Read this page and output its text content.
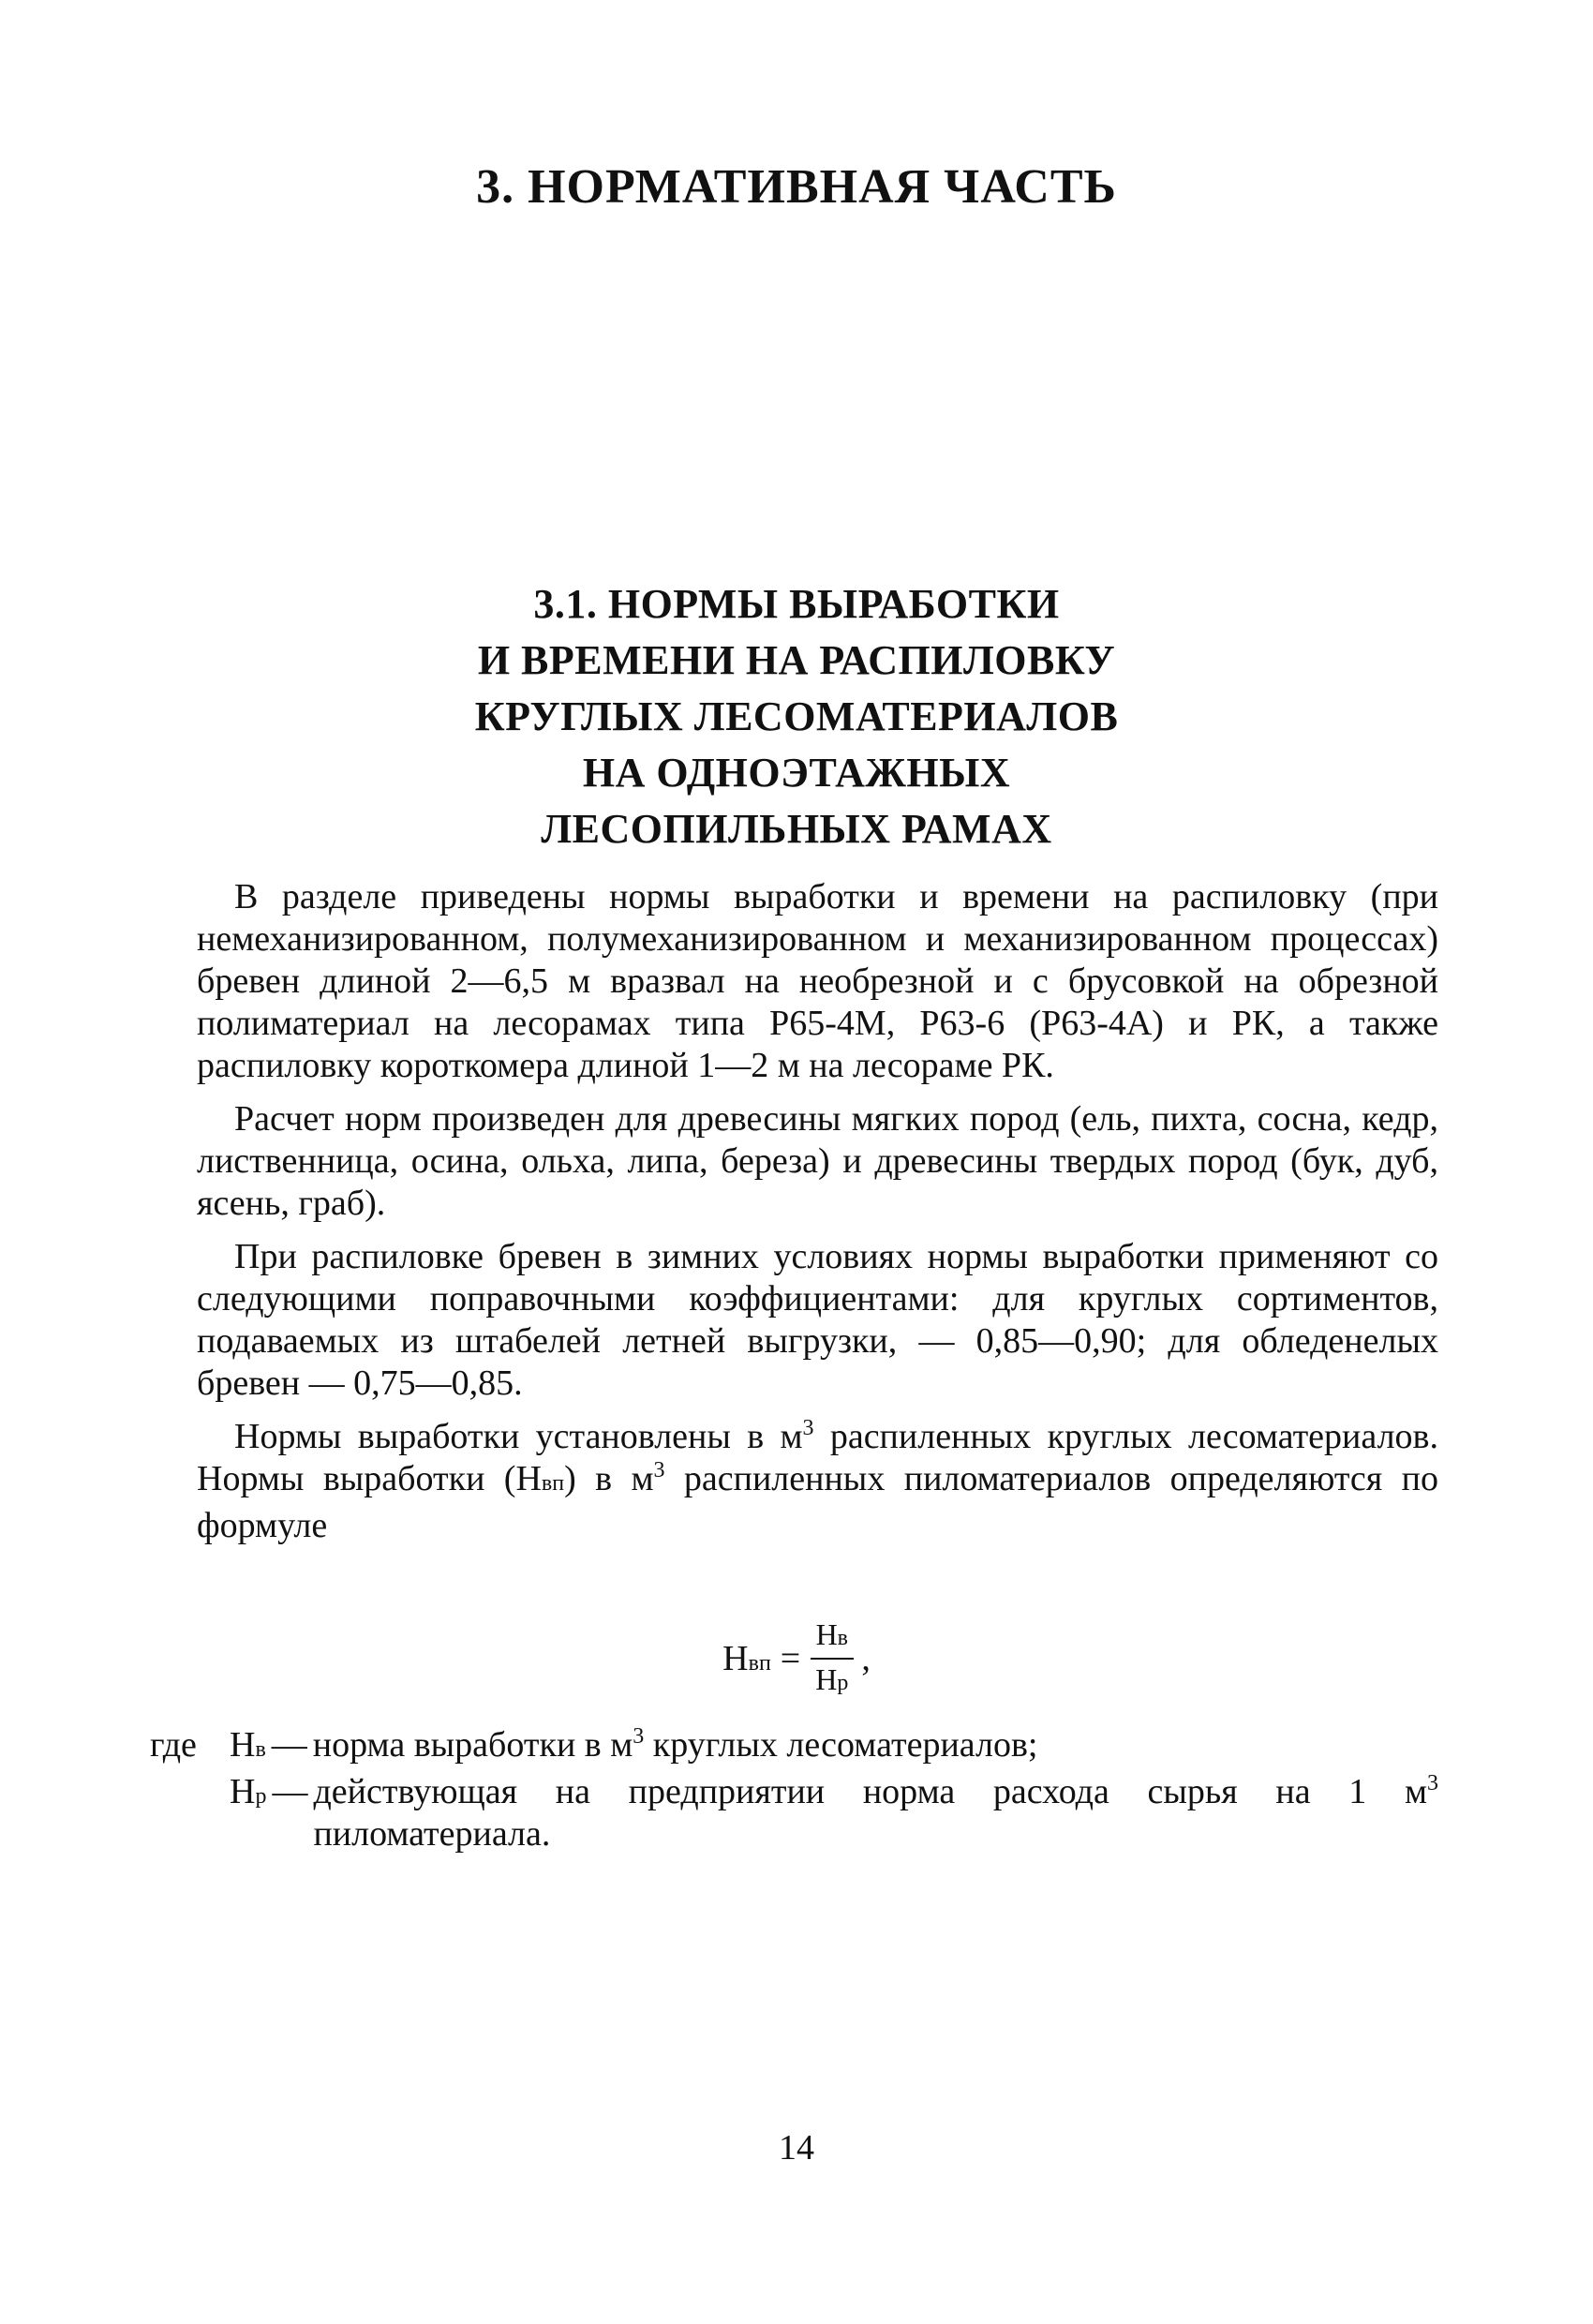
3. НОРМАТИВНАЯ ЧАСТЬ
3.1. НОРМЫ ВЫРАБОТКИ
И ВРЕМЕНИ НА РАСПИЛОВКУ
КРУГЛЫХ ЛЕСОМАТЕРИАЛОВ
НА ОДНОЭТАЖНЫХ
ЛЕСОПИЛЬНЫХ РАМАХ

В разделе приведены нормы выработки и времени на распиловку (при немеханизированном, полумеханизированном и механизированном процессах) бревен длиной 2—6,5 м вразвал на необрезной и с брусовкой на обрезной полиматериал на лесорамах типа Р65-4М, Р63-6 (Р63-4А) и РК, а также распиловку короткомера длиной 1—2 м на лесораме РК.

Расчет норм произведен для древесины мягких пород (ель, пихта, сосна, кедр, лиственница, осина, ольха, липа, береза) и древесины твердых пород (бук, дуб, ясень, граб).

При распиловке бревен в зимних условиях нормы выработки применяют со следующими поправочными коэффициентами: для круглых сортиментов, подаваемых из штабелей летней выгрузки, — 0,85—0,90; для обледенелых бревен — 0,75—0,85.

Нормы выработки установлены в $м^3$ распиленных круглых лесоматериалов. Нормы выработки (Нвп) в $м^3$ распиленных пиломатериалов определяются по формуле

Н вп = $\frac{Нв}{Нр}$ ,
где Нв — норма выработки в $м^3$ круглых лесоматериалов;
Нр — действующая на предприятии норма расхода сырья на 1 $м^3$ пиломатериала.
14
